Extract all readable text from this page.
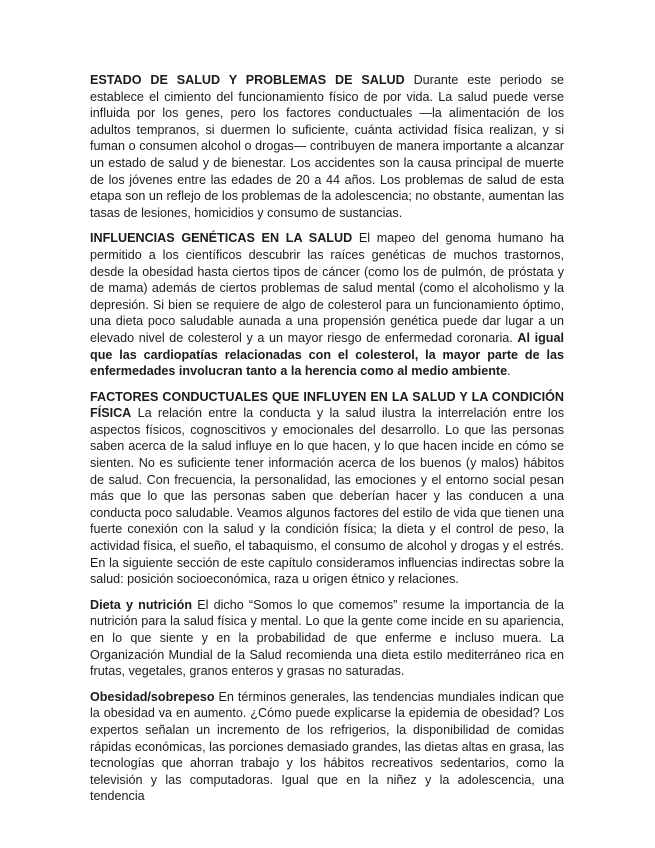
ESTADO DE SALUD Y PROBLEMAS DE SALUD Durante este periodo se establece el cimiento del funcionamiento físico de por vida. La salud puede verse influida por los genes, pero los factores conductuales —la alimentación de los adultos tempranos, si duermen lo suficiente, cuánta actividad física realizan, y si fuman o consumen alcohol o drogas— contribuyen de manera importante a alcanzar un estado de salud y de bienestar. Los accidentes son la causa principal de muerte de los jóvenes entre las edades de 20 a 44 años. Los problemas de salud de esta etapa son un reflejo de los problemas de la adolescencia; no obstante, aumentan las tasas de lesiones, homicidios y consumo de sustancias.

INFLUENCIAS GENÉTICAS EN LA SALUD El mapeo del genoma humano ha permitido a los científicos descubrir las raíces genéticas de muchos trastornos, desde la obesidad hasta ciertos tipos de cáncer (como los de pulmón, de próstata y de mama) además de ciertos problemas de salud mental (como el alcoholismo y la depresión. Si bien se requiere de algo de colesterol para un funcionamiento óptimo, una dieta poco saludable aunada a una propensión genética puede dar lugar a un elevado nivel de colesterol y a un mayor riesgo de enfermedad coronaria. Al igual que las cardiopatías relacionadas con el colesterol, la mayor parte de las enfermedades involucran tanto a la herencia como al medio ambiente.

FACTORES CONDUCTUALES QUE INFLUYEN EN LA SALUD Y LA CONDICIÓN FÍSICA La relación entre la conducta y la salud ilustra la interrelación entre los aspectos físicos, cognoscitivos y emocionales del desarrollo. Lo que las personas saben acerca de la salud influye en lo que hacen, y lo que hacen incide en cómo se sienten. No es suficiente tener información acerca de los buenos (y malos) hábitos de salud. Con frecuencia, la personalidad, las emociones y el entorno social pesan más que lo que las personas saben que deberían hacer y las conducen a una conducta poco saludable. Veamos algunos factores del estilo de vida que tienen una fuerte conexión con la salud y la condición física; la dieta y el control de peso, la actividad física, el sueño, el tabaquismo, el consumo de alcohol y drogas y el estrés. En la siguiente sección de este capítulo consideramos influencias indirectas sobre la salud: posición socioeconómica, raza u origen étnico y relaciones.

Dieta y nutrición El dicho “Somos lo que comemos” resume la importancia de la nutrición para la salud física y mental. Lo que la gente come incide en su apariencia, en lo que siente y en la probabilidad de que enferme e incluso muera. La Organización Mundial de la Salud recomienda una dieta estilo mediterráneo rica en frutas, vegetales, granos enteros y grasas no saturadas.

Obesidad/sobrepeso En términos generales, las tendencias mundiales indican que la obesidad va en aumento. ¿Cómo puede explicarse la epidemia de obesidad? Los expertos señalan un incremento de los refrigerios, la disponibilidad de comidas rápidas económicas, las porciones demasiado grandes, las dietas altas en grasa, las tecnologías que ahorran trabajo y los hábitos recreativos sedentarios, como la televisión y las computadoras. Igual que en la niñez y la adolescencia, una tendencia
